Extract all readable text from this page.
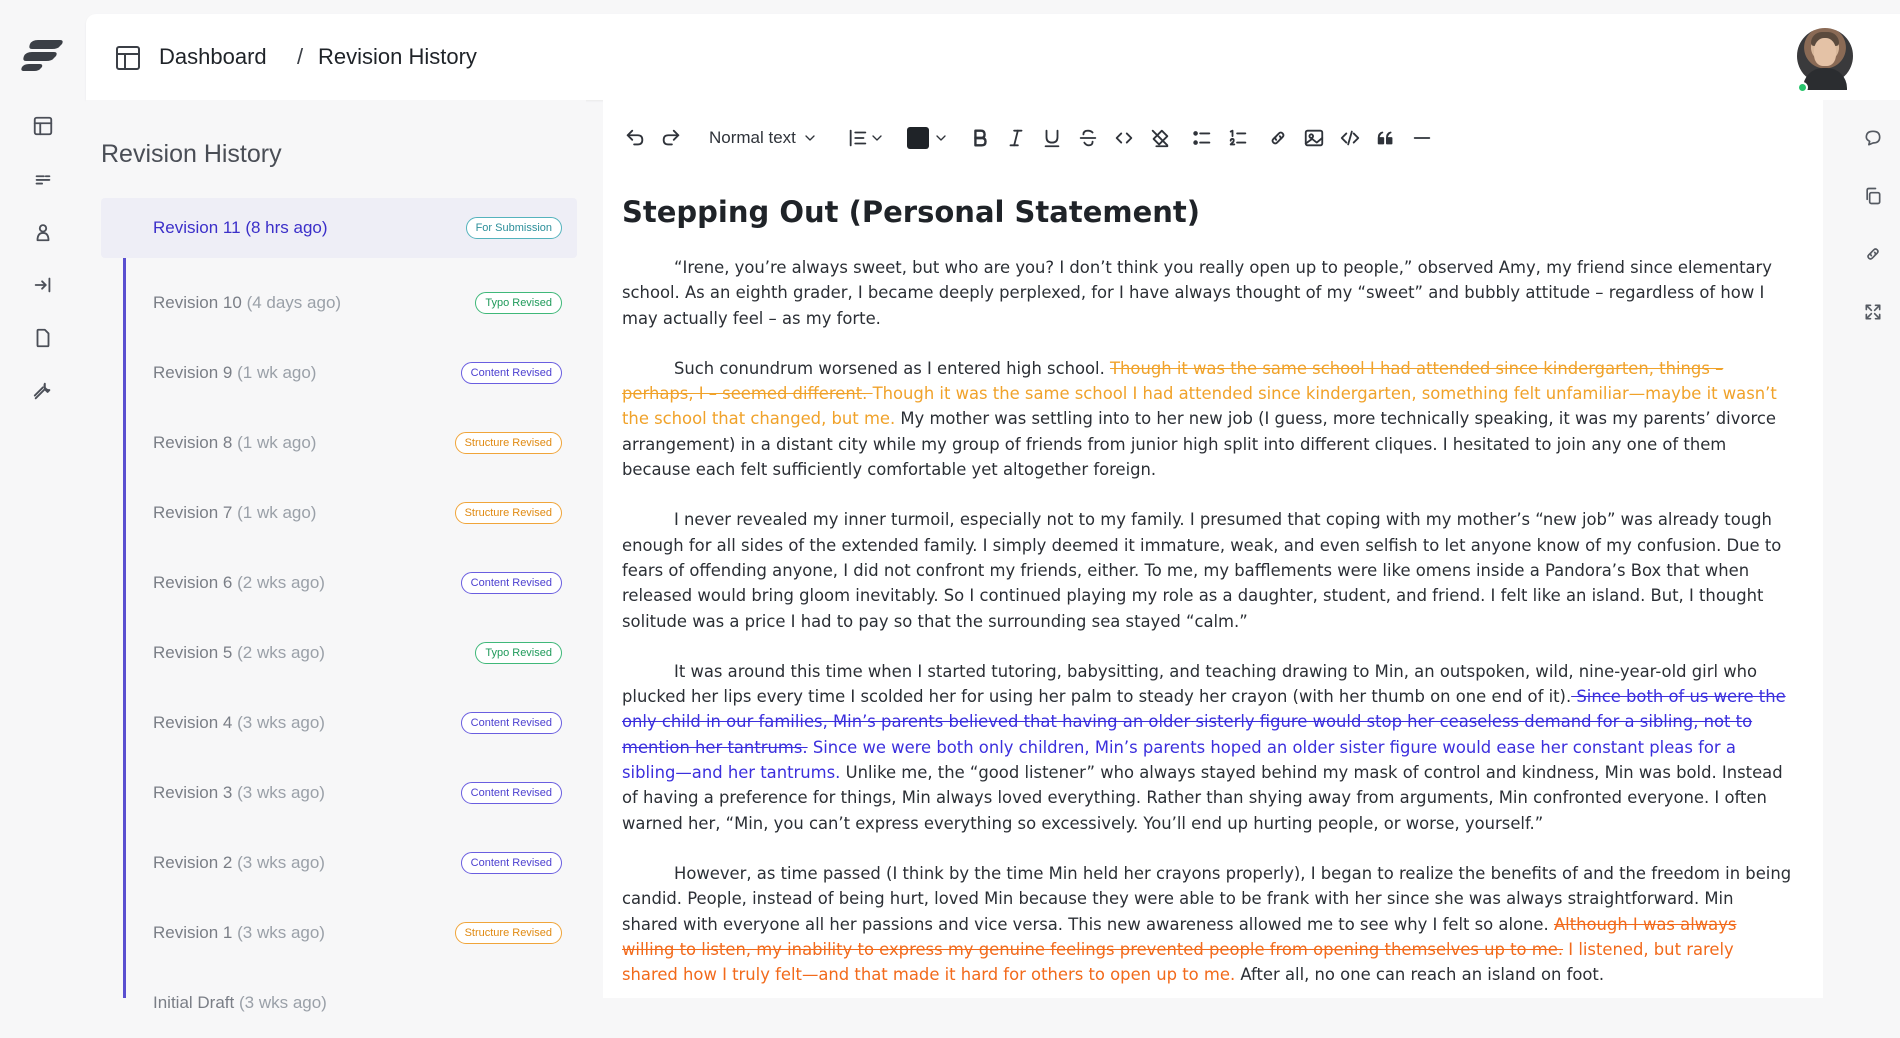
Dashboard / Revision History
Revision History
Revision 11 (8 hrs ago)	For Submission
Revision 10 (4 days ago)	Typo Revised
Revision 9 (1 wk ago)	Content Revised
Revision 8 (1 wk ago)	Structure Revised
Revision 7 (1 wk ago)	Structure Revised
Revision 6 (2 wks ago)	Content Revised
Revision 5 (2 wks ago)	Typo Revised
Revision 4 (3 wks ago)	Content Revised
Revision 3 (3 wks ago)	Content Revised
Revision 2 (3 wks ago)	Content Revised
Revision 1 (3 wks ago)	Structure Revised
Initial Draft (3 wks ago)
Normal text
Stepping Out (Personal Statement)

“Irene, you’re always sweet, but who are you? I don’t think you really open up to people,” observed Amy, my friend since elementary school. As an eighth grader, I became deeply perplexed, for I have always thought of my “sweet” and bubbly attitude – regardless of how I may actually feel – as my forte.

Such conundrum worsened as I entered high school. Though it was the same school I had attended since kindergarten, things – perhaps, I – seemed different. Though it was the same school I had attended since kindergarten, something felt unfamiliar—maybe it wasn’t the school that changed, but me. My mother was settling into to her new job (I guess, more technically speaking, it was my parents’ divorce arrangement) in a distant city while my group of friends from junior high split into different cliques. I hesitated to join any one of them because each felt sufficiently comfortable yet altogether foreign.

I never revealed my inner turmoil, especially not to my family. I presumed that coping with my mother’s “new job” was already tough enough for all sides of the extended family. I simply deemed it immature, weak, and even selfish to let anyone know of my confusion. Due to fears of offending anyone, I did not confront my friends, either. To me, my bafflements were like omens inside a Pandora’s Box that when released would bring gloom inevitably. So I continued playing my role as a daughter, student, and friend. I felt like an island. But, I thought solitude was a price I had to pay so that the surrounding sea stayed “calm.”

It was around this time when I started tutoring, babysitting, and teaching drawing to Min, an outspoken, wild, nine-year-old girl who plucked her lips every time I scolded her for using her palm to steady her crayon (with her thumb on one end of it). Since both of us were the only child in our families, Min’s parents believed that having an older sisterly figure would stop her ceaseless demand for a sibling, not to mention her tantrums. Since we were both only children, Min’s parents hoped an older sister figure would ease her constant pleas for a sibling—and her tantrums. Unlike me, the “good listener” who always stayed behind my mask of control and kindness, Min was bold. Instead of having a preference for things, Min always loved everything. Rather than shying away from arguments, Min confronted everyone. I often warned her, “Min, you can’t express everything so excessively. You’ll end up hurting people, or worse, yourself.”

However, as time passed (I think by the time Min held her crayons properly), I began to realize the benefits of and the freedom in being candid. People, instead of being hurt, loved Min because they were able to be frank with her since she was always straightforward. Min shared with everyone all her passions and vice versa. This new awareness allowed me to see why I felt so alone. Although I was always willing to listen, my inability to express my genuine feelings prevented people from opening themselves up to me. I listened, but rarely shared how I truly felt—and that made it hard for others to open up to me. After all, no one can reach an island on foot.
